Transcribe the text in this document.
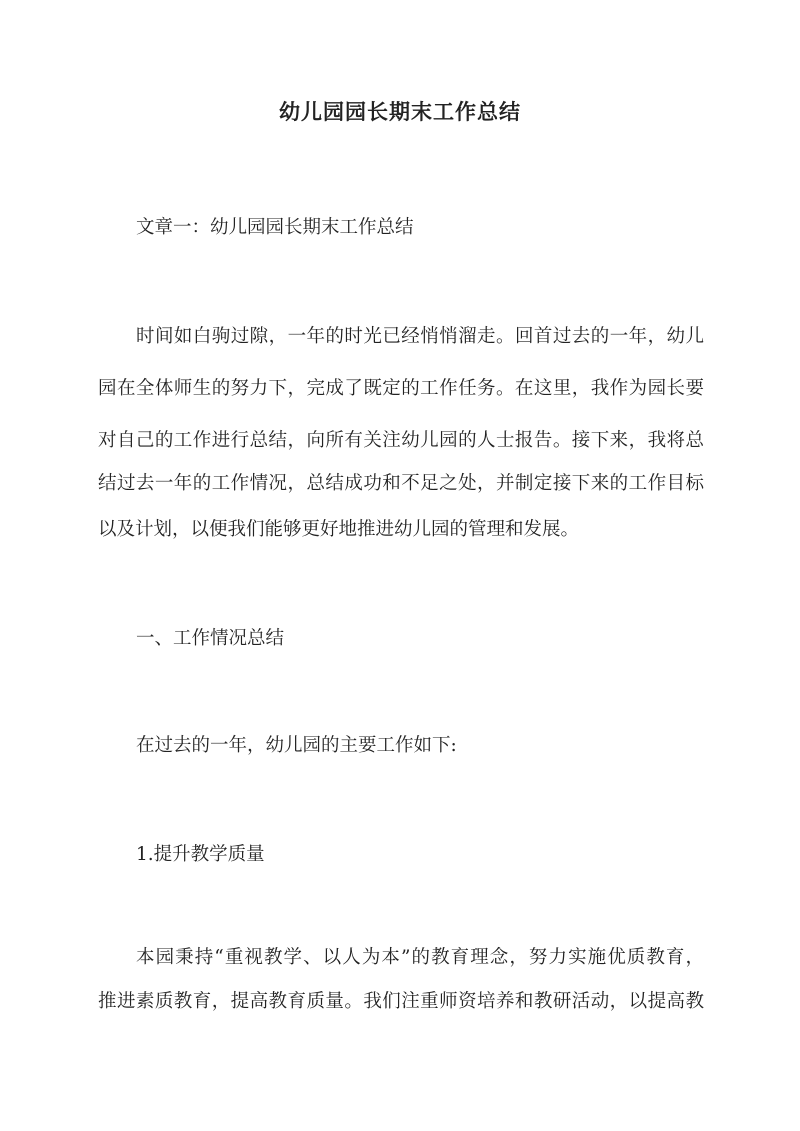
幼儿园园长期末工作总结

文章一：幼儿园园长期末工作总结

时间如白驹过隙，一年的时光已经悄悄溜走。回首过去的一年，幼儿

园在全体师生的努力下，完成了既定的工作任务。在这里，我作为园长要

对自己的工作进行总结，向所有关注幼儿园的人士报告。接下来，我将总

结过去一年的工作情况，总结成功和不足之处，并制定接下来的工作目标

以及计划，以便我们能够更好地推进幼儿园的管理和发展。

一、工作情况总结

在过去的一年，幼儿园的主要工作如下:

1.提升教学质量

本园秉持“重视教学、以人为本”的教育理念，努力实施优质教育，

推进素质教育，提高教育质量。我们注重师资培养和教研活动，以提高教
